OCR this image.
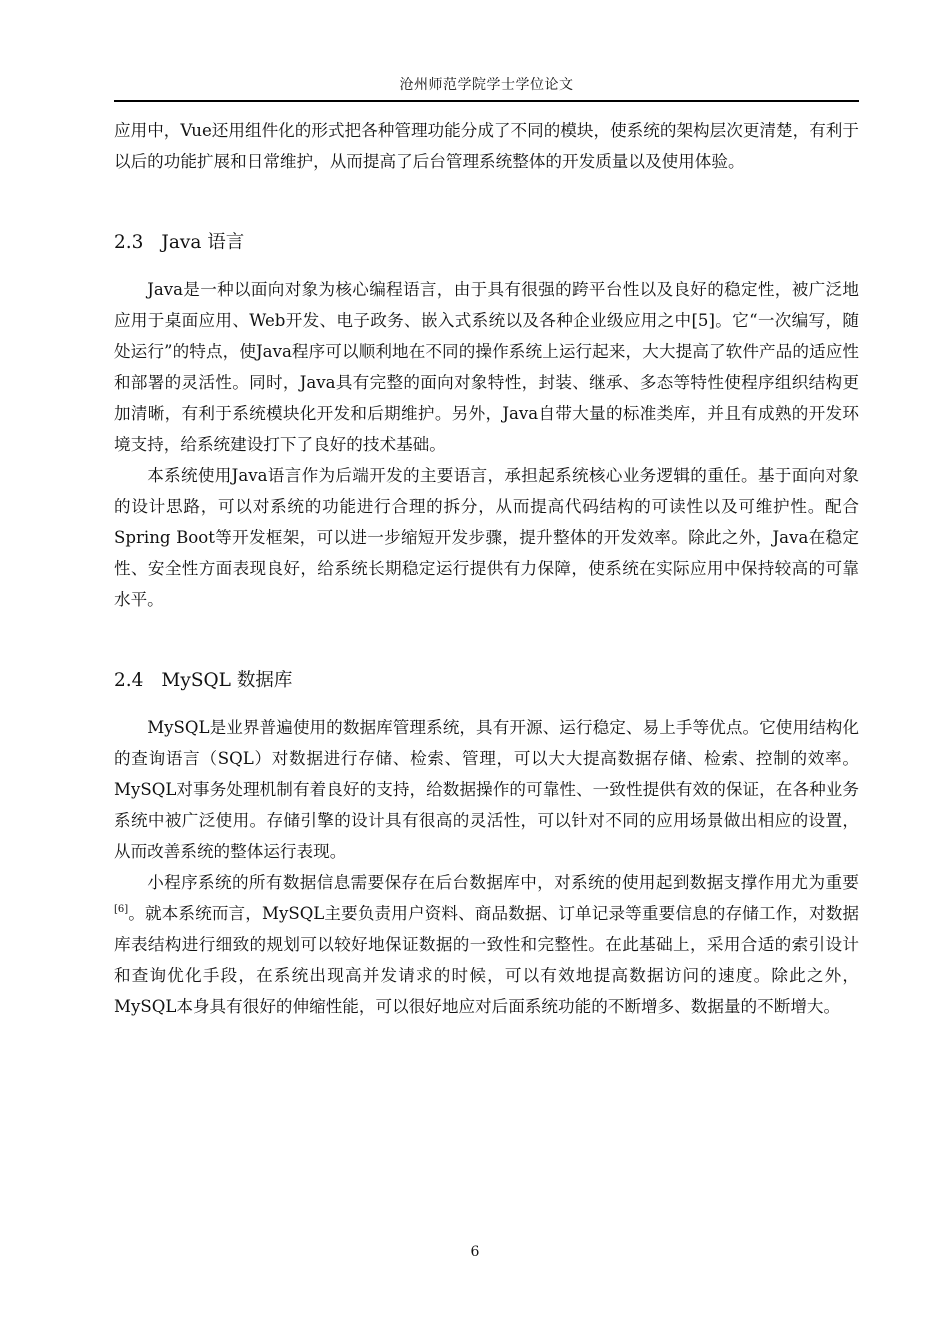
沧州师范学院学士学位论文

应用中，Vue还用组件化的形式把各种管理功能分成了不同的模块，使系统的架构层次更清楚，有利于以后的功能扩展和日常维护，从而提高了后台管理系统整体的开发质量以及使用体验。

2.3 Java 语言

Java是一种以面向对象为核心编程语言，由于具有很强的跨平台性以及良好的稳定性，被广泛地应用于桌面应用、Web开发、电子政务、嵌入式系统以及各种企业级应用之中[5]。它“一次编写，随处运行”的特点，使Java程序可以顺利地在不同的操作系统上运行起来，大大提高了软件产品的适应性和部署的灵活性。同时，Java具有完整的面向对象特性，封装、继承、多态等特性使程序组织结构更加清晰，有利于系统模块化开发和后期维护。另外，Java自带大量的标准类库，并且有成熟的开发环境支持，给系统建设打下了良好的技术基础。

本系统使用Java语言作为后端开发的主要语言，承担起系统核心业务逻辑的重任。基于面向对象的设计思路，可以对系统的功能进行合理的拆分，从而提高代码结构的可读性以及可维护性。配合Spring Boot等开发框架，可以进一步缩短开发步骤，提升整体的开发效率。除此之外，Java在稳定性、安全性方面表现良好，给系统长期稳定运行提供有力保障，使系统在实际应用中保持较高的可靠水平。

2.4 MySQL 数据库

MySQL是业界普遍使用的数据库管理系统，具有开源、运行稳定、易上手等优点。它使用结构化的查询语言（SQL）对数据进行存储、检索、管理，可以大大提高数据存储、检索、控制的效率。MySQL对事务处理机制有着良好的支持，给数据操作的可靠性、一致性提供有效的保证，在各种业务系统中被广泛使用。存储引擎的设计具有很高的灵活性，可以针对不同的应用场景做出相应的设置，从而改善系统的整体运行表现。

小程序系统的所有数据信息需要保存在后台数据库中，对系统的使用起到数据支撑作用尤为重要[6]。就本系统而言，MySQL主要负责用户资料、商品数据、订单记录等重要信息的存储工作，对数据库表结构进行细致的规划可以较好地保证数据的一致性和完整性。在此基础上，采用合适的索引设计和查询优化手段，在系统出现高并发请求的时候，可以有效地提高数据访问的速度。除此之外，MySQL本身具有很好的伸缩性能，可以很好地应对后面系统功能的不断增多、数据量的不断增大。

6
